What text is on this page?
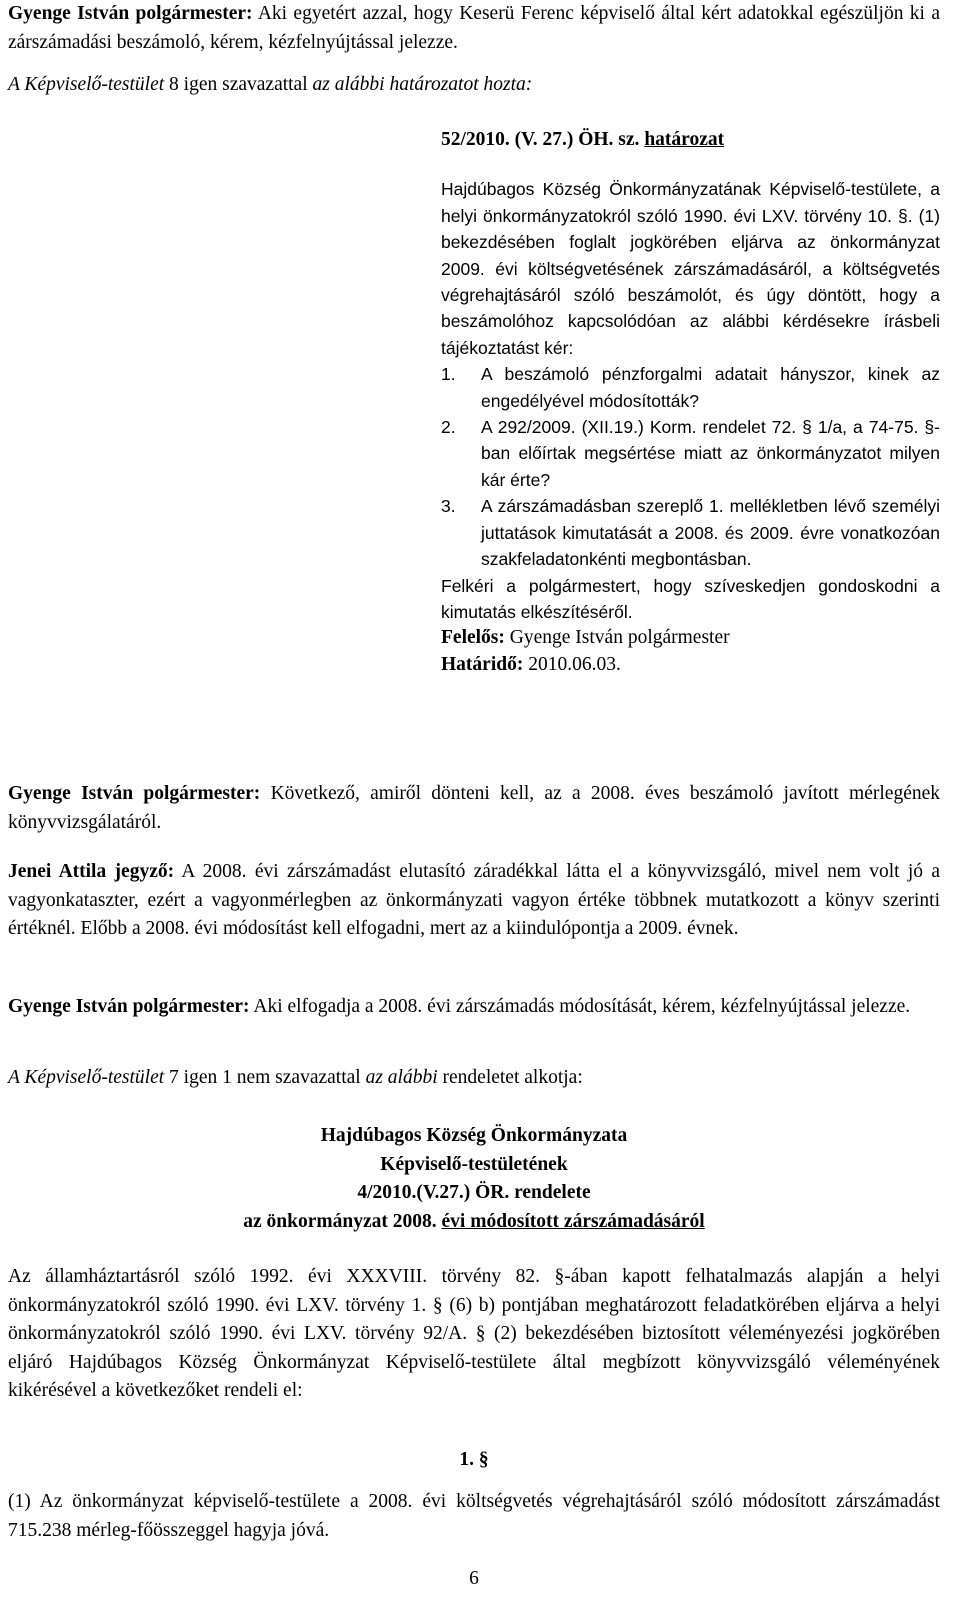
Gyenge István polgármester: Aki egyetért azzal, hogy Keserü Ferenc képviselő által kért adatokkal egészüljön ki a zárszámadási beszámoló, kérem, kézfelnyújtással jelezze.

A Képviselő-testület 8 igen szavazattal az alábbi határozatot hozta:

52/2010. (V. 27.) ÖH. sz. határozat

Hajdúbagos Község Önkormányzatának Képviselő-testülete, a helyi önkormányzatokról szóló 1990. évi LXV. törvény 10. §. (1) bekezdésében foglalt jogkörében eljárva az önkormányzat 2009. évi költségvetésének zárszámadásáról, a költségvetés végrehajtásáról szóló beszámolót, és úgy döntött, hogy a beszámolóhoz kapcsolódóan az alábbi kérdésekre írásbeli tájékoztatást kér:

1.	A beszámoló pénzforgalmi adatait hányszor, kinek az engedélyével módosították?
2.	A 292/2009. (XII.19.) Korm. rendelet 72. § 1/a, a 74-75. §-ban előírtak megsértése miatt az önkormányzatot milyen kár érte?
3.	A zárszámadásban szereplő 1. mellékletben lévő személyi juttatások kimutatását a 2008. és 2009. évre vonatkozóan szakfeladatonkénti megbontásban.

Felkéri a polgármestert, hogy szíveskedjen gondoskodni a kimutatás elkészítéséről.

Felelős: Gyenge István polgármester

Határidő: 2010.06.03.

Gyenge István polgármester: Következő, amiről dönteni kell, az a 2008. éves beszámoló javított mérlegének könyvvizsgálatáról.

Jenei Attila jegyző: A 2008. évi zárszámadást elutasító záradékkal látta el a könyvvizsgáló, mivel nem volt jó a vagyonkataszter, ezért a vagyonmérlegben az önkormányzati vagyon értéke többnek mutatkozott a könyv szerinti értéknél. Előbb a 2008. évi módosítást kell elfogadni, mert az a kiindulópontja a 2009. évnek.

Gyenge István polgármester: Aki elfogadja a 2008. évi zárszámadás módosítását, kérem, kézfelnyújtással jelezze.

A Képviselő-testület 7 igen 1 nem szavazattal az alábbi rendeletet alkotja:

Hajdúbagos Község Önkormányzata

Képviselő-testületének

4/2010.(V.27.) ÖR. rendelete

az önkormányzat 2008. évi módosított zárszámadásáról

Az államháztartásról szóló 1992. évi XXXVIII. törvény 82. §-ában kapott felhatalmazás alapján a helyi önkormányzatokról szóló 1990. évi LXV. törvény 1. § (6) b) pontjában meghatározott feladatkörében eljárva a helyi önkormányzatokról szóló 1990. évi LXV. törvény 92/A. § (2) bekezdésében biztosított véleményezési jogkörében eljáró Hajdúbagos Község Önkormányzat Képviselő-testülete által megbízott könyvvizsgáló véleményének kikérésével a következőket rendeli el:

1. §

(1) Az önkormányzat képviselő-testülete a 2008. évi költségvetés végrehajtásáról szóló módosított zárszámadást 715.238 mérleg-főösszeggel hagyja jóvá.

6
